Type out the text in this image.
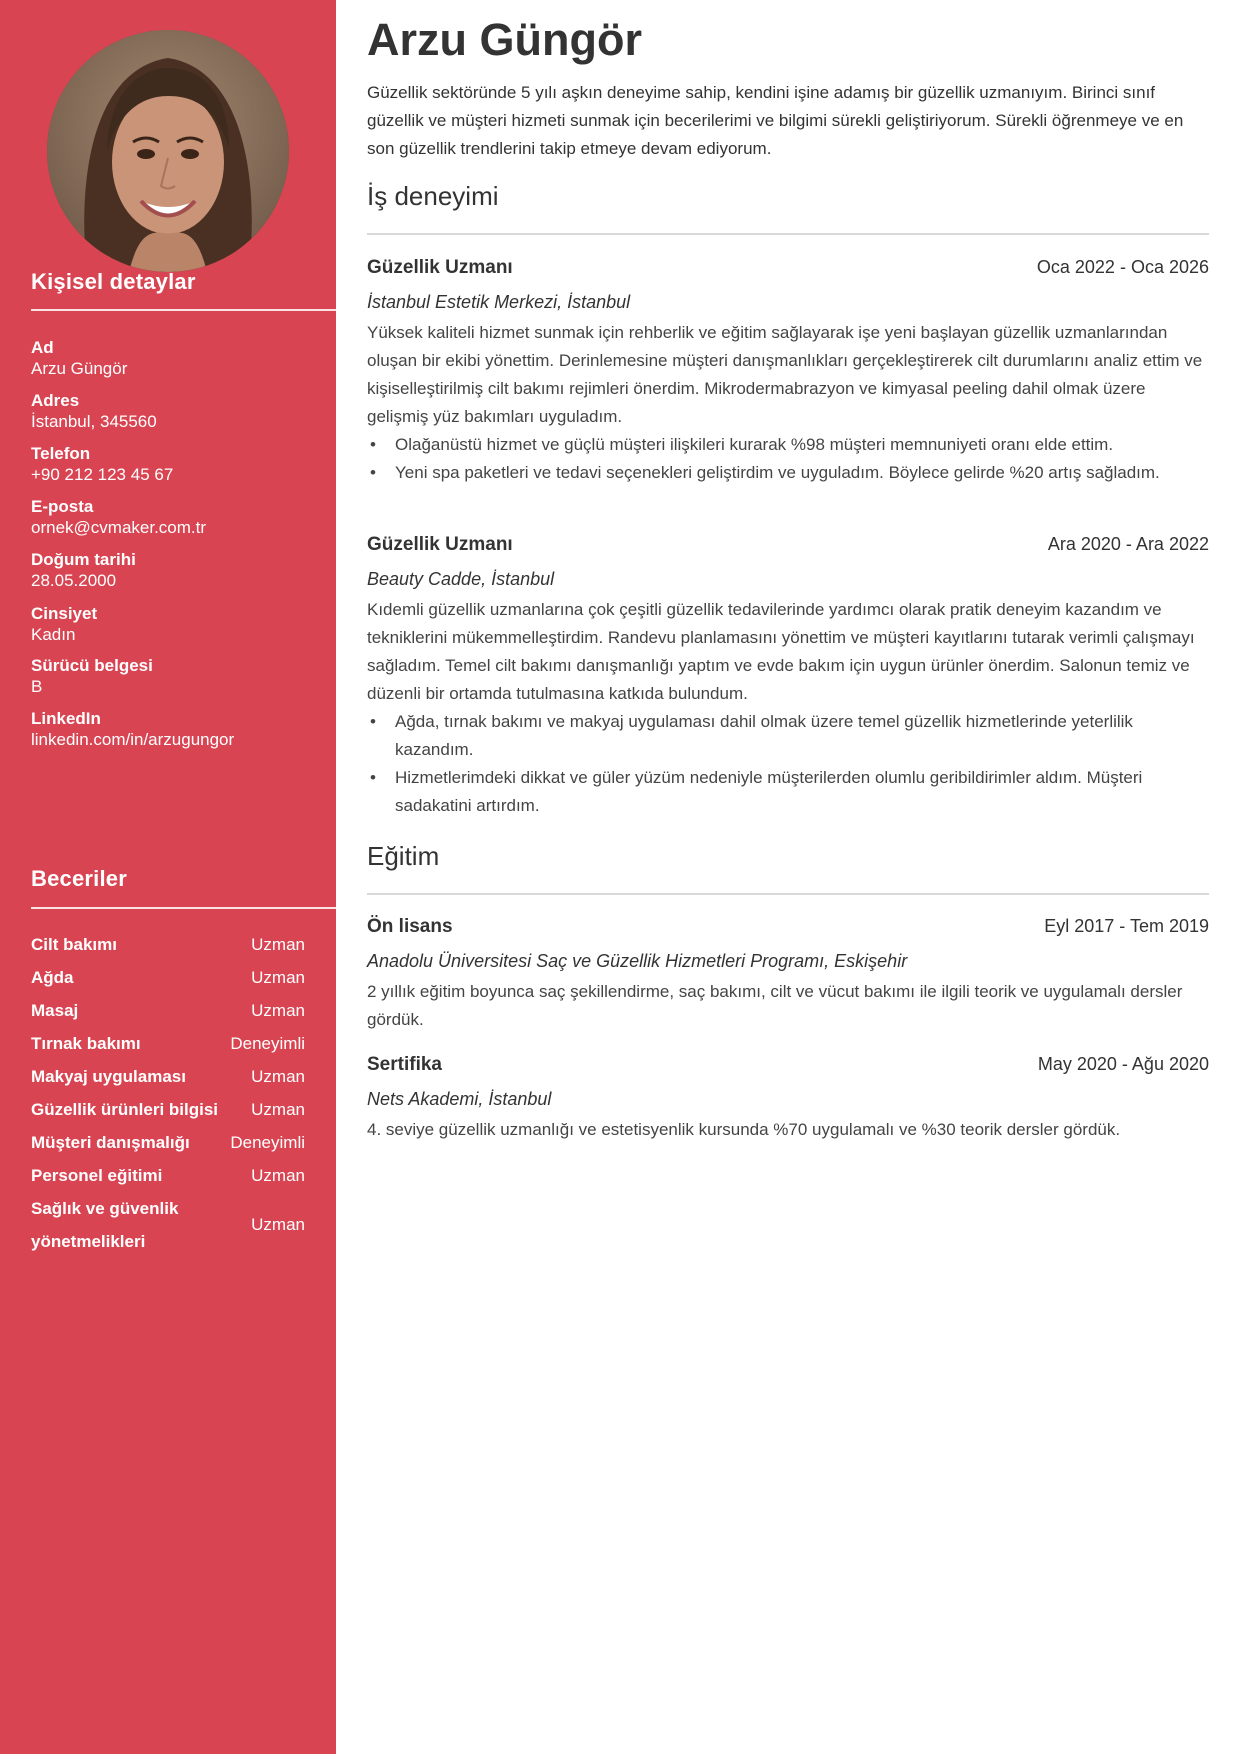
Kişisel detaylar
Ad
Arzu Güngör
Adres
İstanbul, 345560
Telefon
+90 212 123 45 67
E-posta
ornek@cvmaker.com.tr
Doğum tarihi
28.05.2000
Cinsiyet
Kadın
Sürücü belgesi
B
LinkedIn
linkedin.com/in/arzugungor
Beceriler
Cilt bakımı	Uzman
Ağda	Uzman
Masaj	Uzman
Tırnak bakımı	Deneyimli
Makyaj uygulaması	Uzman
Güzellik ürünleri bilgisi Uzman
Müşteri danışmalığı Deneyimli
Personel eğitimi	Uzman
Sağlık ve güvenlik yönetmelikleri
Uzman
Arzu Güngör
Güzellik sektöründe 5 yılı aşkın deneyime sahip, kendini işine adamış bir güzellik uzmanıyım. Birinci sınıf güzellik ve müşteri hizmeti sunmak için becerilerimi ve bilgimi sürekli geliştiriyorum. Sürekli öğrenmeye ve en son güzellik trendlerini takip etmeye devam ediyorum.
İş deneyimi
Güzellik Uzmanı	Oca 2022 - Oca 2026
İstanbul Estetik Merkezi, İstanbul
Yüksek kaliteli hizmet sunmak için rehberlik ve eğitim sağlayarak işe yeni başlayan güzellik uzmanlarından oluşan bir ekibi yönettim. Derinlemesine müşteri danışmanlıkları gerçekleştirerek cilt durumlarını analiz ettim ve kişiselleştirilmiş cilt bakımı rejimleri önerdim. Mikrodermabrazyon ve kimyasal peeling dahil olmak üzere gelişmiş yüz bakımları uyguladım.
• Olağanüstü hizmet ve güçlü müşteri ilişkileri kurarak %98 müşteri memnuniyeti oranı elde ettim.
• Yeni spa paketleri ve tedavi seçenekleri geliştirdim ve uyguladım. Böylece gelirde %20 artış sağladım.
Güzellik Uzmanı	Ara 2020 - Ara 2022
Beauty Cadde, İstanbul
Kıdemli güzellik uzmanlarına çok çeşitli güzellik tedavilerinde yardımcı olarak pratik deneyim kazandım ve tekniklerini mükemmelleştirdim. Randevu planlamasını yönettim ve müşteri kayıtlarını tutarak verimli çalışmayı sağladım. Temel cilt bakımı danışmanlığı yaptım ve evde bakım için uygun ürünler önerdim. Salonun temiz ve düzenli bir ortamda tutulmasına katkıda bulundum.
• Ağda, tırnak bakımı ve makyaj uygulaması dahil olmak üzere temel güzellik hizmetlerinde yeterlilik kazandım.
• Hizmetlerimdeki dikkat ve güler yüzüm nedeniyle müşterilerden olumlu geribildirimler aldım. Müşteri sadakatini artırdım.
Eğitim
Ön lisans	Eyl 2017 - Tem 2019
Anadolu Üniversitesi Saç ve Güzellik Hizmetleri Programı, Eskişehir
2 yıllık eğitim boyunca saç şekillendirme, saç bakımı, cilt ve vücut bakımı ile ilgili teorik ve uygulamalı dersler gördük.
Sertifika	May 2020 - Ağu 2020
Nets Akademi, İstanbul
4. seviye güzellik uzmanlığı ve estetisyenlik kursunda %70 uygulamalı ve %30 teorik dersler gördük.
